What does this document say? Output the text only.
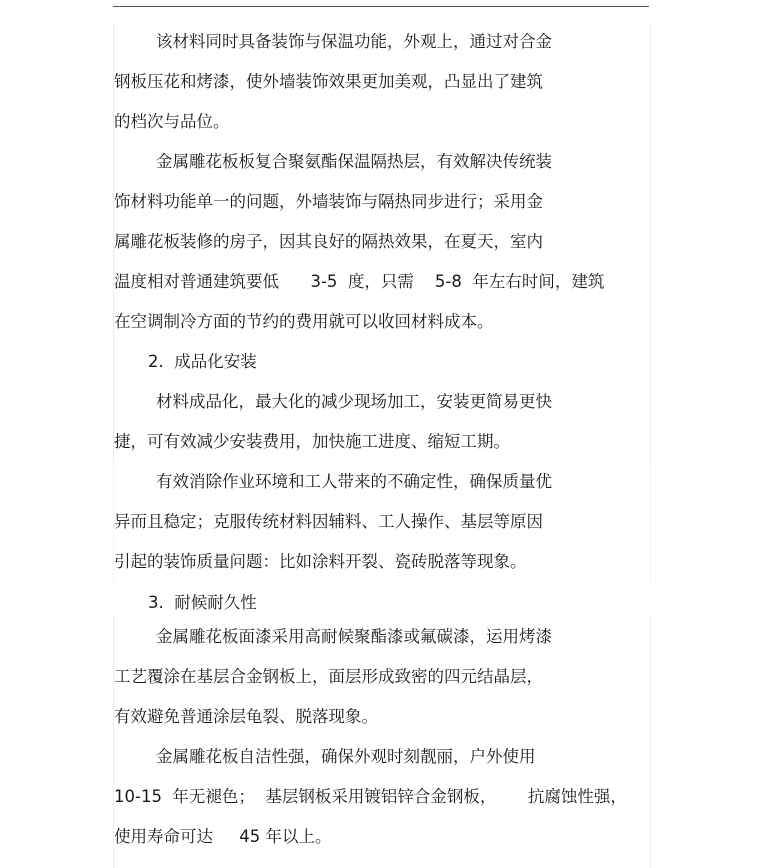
该材料同时具备装饰与保温功能，外观上，通过对合金
钢板压花和烤漆，使外墙装饰效果更加美观，凸显出了建筑
的档次与品位。
金属雕花板板复合聚氨酯保温隔热层，有效解决传统装
饰材料功能单一的问题，外墙装饰与隔热同步进行；采用金
属雕花板装修的房子，因其良好的隔热效果，在夏天，室内
温度相对普通建筑要低      3-5  度，只需    5-8  年左右时间，建筑
在空调制冷方面的节约的费用就可以收回材料成本。
2.  成品化安装
材料成品化，最大化的减少现场加工，安装更简易更快
捷，可有效减少安装费用，加快施工进度、缩短工期。
有效消除作业环境和工人带来的不确定性，确保质量优
异而且稳定；克服传统材料因辅料、工人操作、基层等原因
引起的装饰质量问题：比如涂料开裂、瓷砖脱落等现象。
3.  耐候耐久性
金属雕花板面漆采用高耐候聚酯漆或氟碳漆，运用烤漆
工艺覆涂在基层合金钢板上，面层形成致密的四元结晶层，
有效避免普通涂层龟裂、脱落现象。
金属雕花板自洁性强，确保外观时刻靓丽，户外使用
10-15  年无褪色；  基层钢板采用镀铝锌合金钢板，      抗腐蚀性强，
使用寿命可达     45 年以上。
